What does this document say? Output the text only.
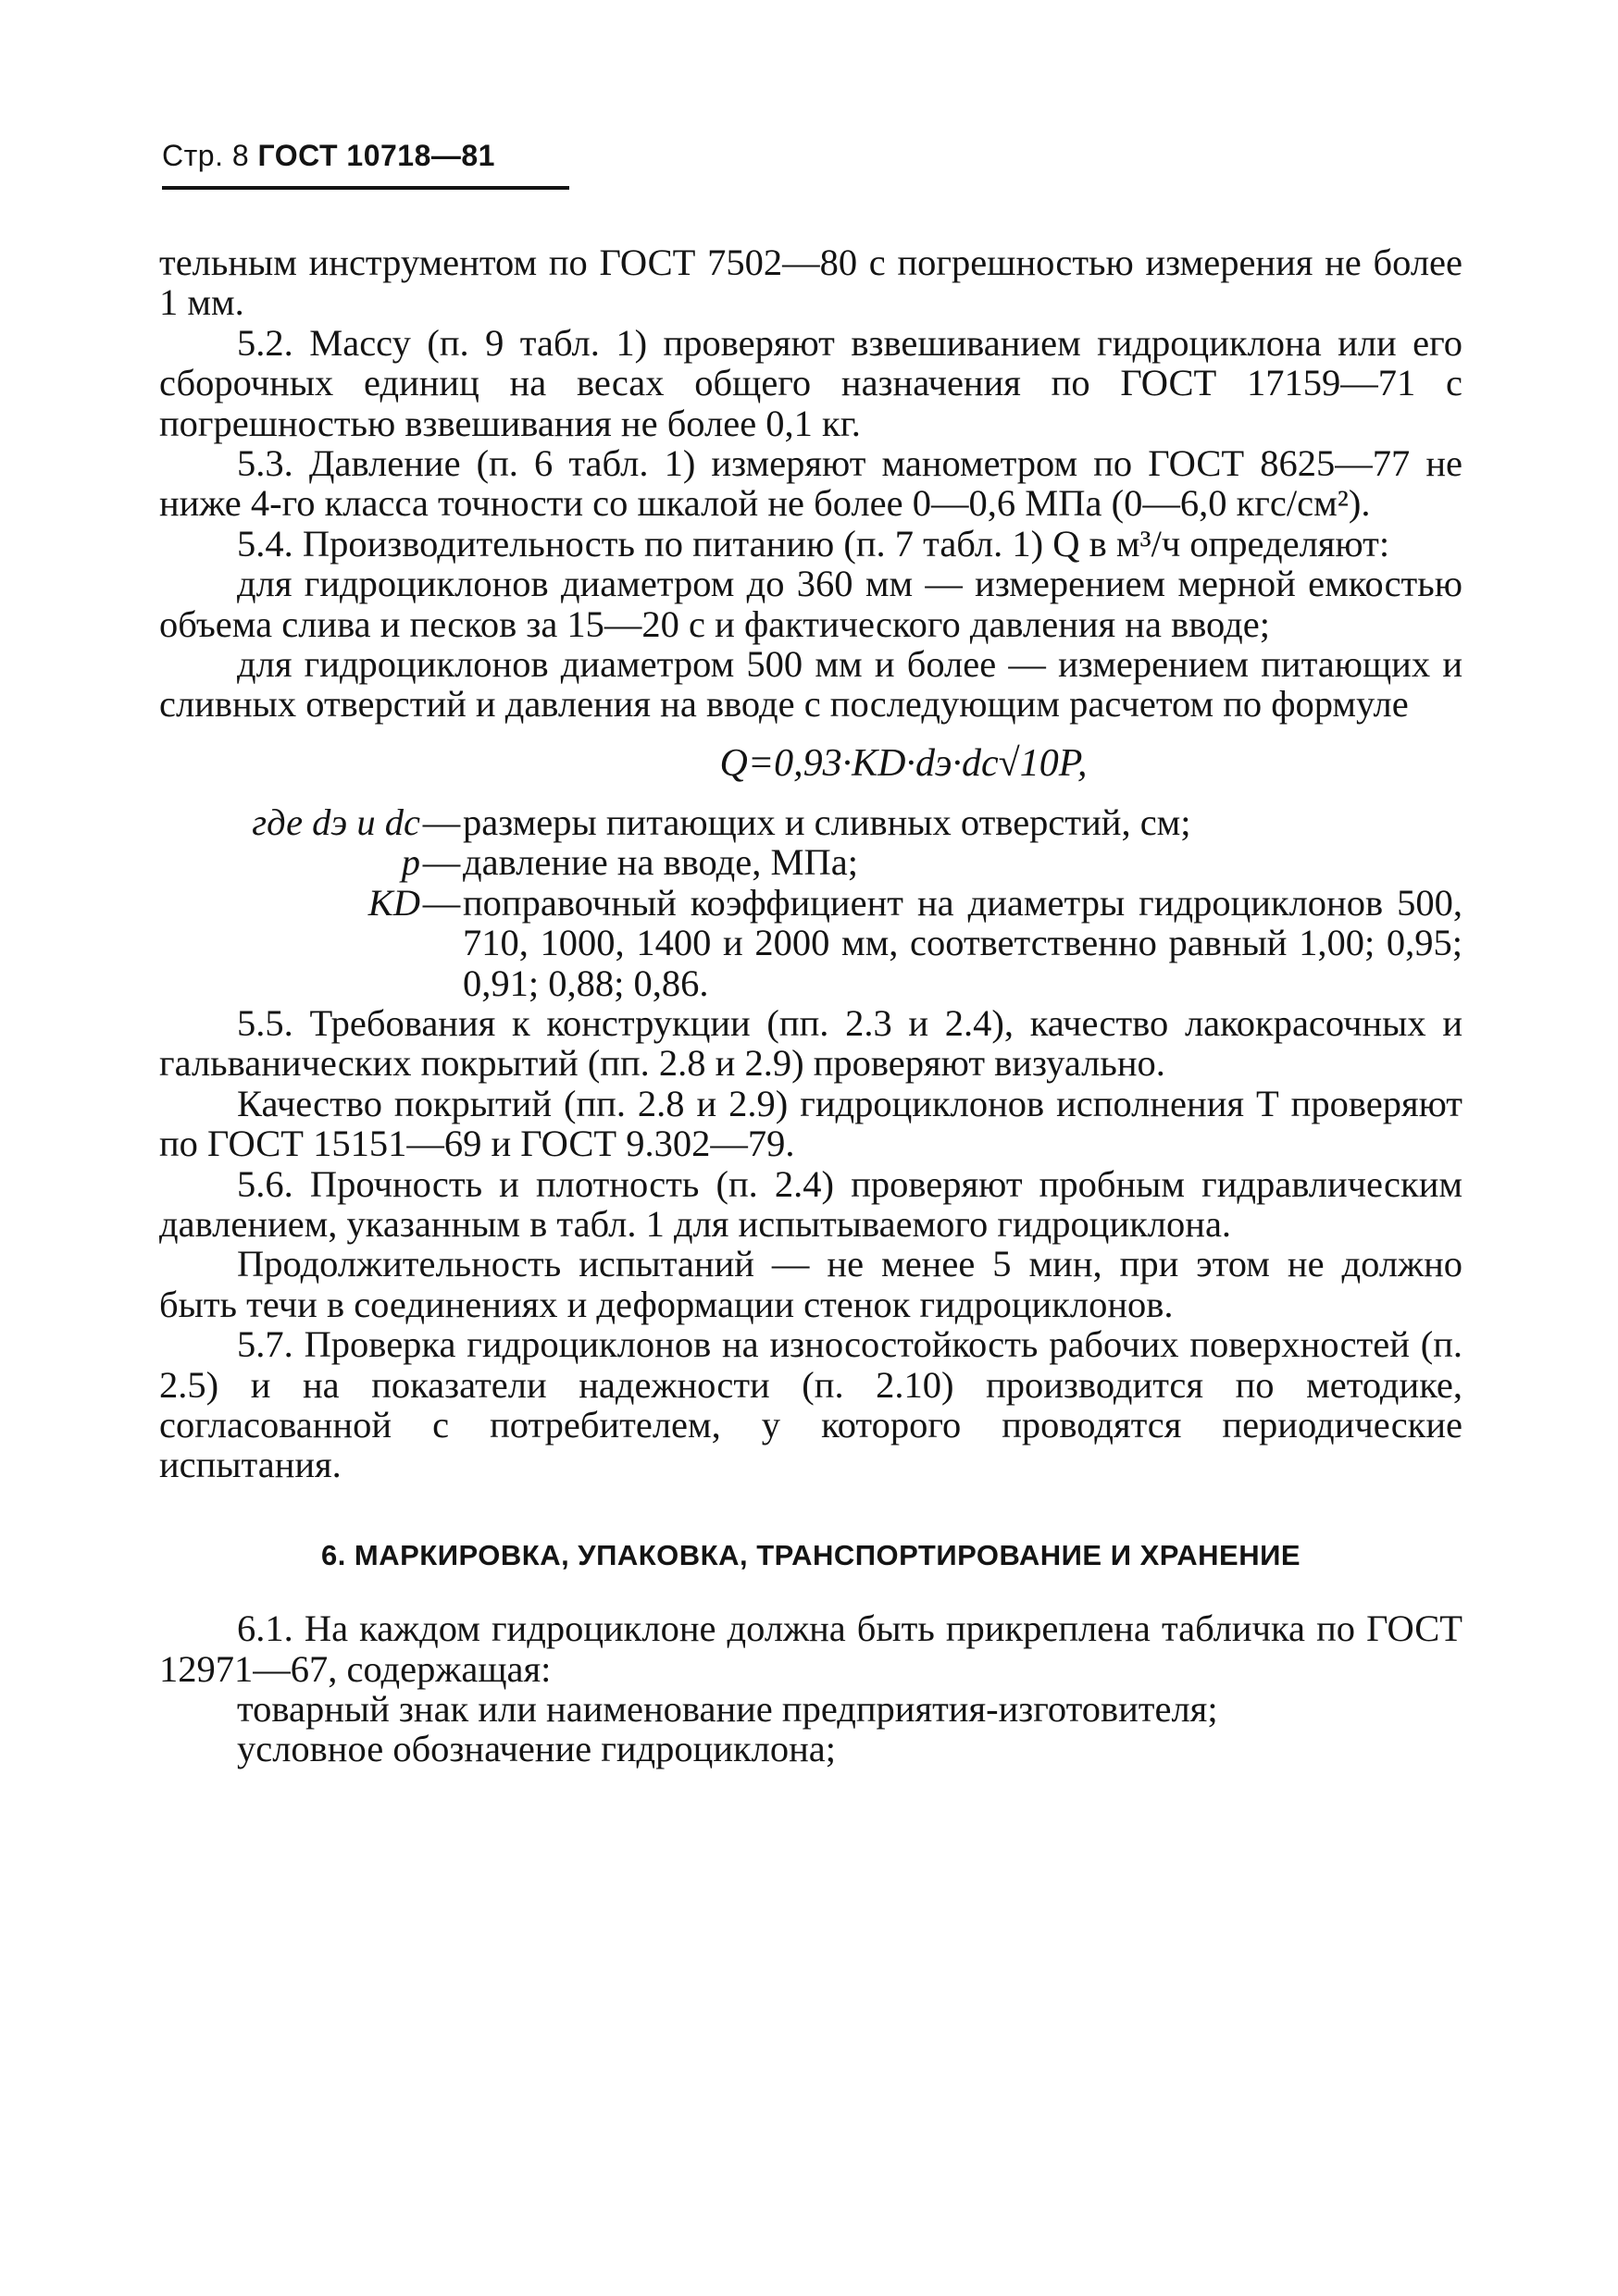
Стр. 8 ГОСТ 10718—81

тельным инструментом по ГОСТ 7502—80 с погрешностью измерения не более 1 мм.

5.2. Массу (п. 9 табл. 1) проверяют взвешиванием гидроциклона или его сборочных единиц на весах общего назначения по ГОСТ 17159—71 с погрешностью взвешивания не более 0,1 кг.

5.3. Давление (п. 6 табл. 1) измеряют манометром по ГОСТ 8625—77 не ниже 4-го класса точности со шкалой не более 0—0,6 МПа (0—6,0 кгс/см²).

5.4. Производительность по питанию (п. 7 табл. 1) Q в м³/ч определяют:

для гидроциклонов диаметром до 360 мм — измерением мерной емкостью объема слива и песков за 15—20 с и фактического давления на вводе;

для гидроциклонов диаметром 500 мм и более — измерением питающих и сливных отверстий и давления на вводе с последующим расчетом по формуле

Q=0,93·KD·dэ·dс√10P,
где dэ и dс — размеры питающих и сливных отверстий, см;
p — давление на вводе, МПа;
KD — поправочный коэффициент на диаметры гидроциклонов 500, 710, 1000, 1400 и 2000 мм, соответственно равный 1,00; 0,95; 0,91; 0,88; 0,86.

5.5. Требования к конструкции (пп. 2.3 и 2.4), качество лакокрасочных и гальванических покрытий (пп. 2.8 и 2.9) проверяют визуально.

Качество покрытий (пп. 2.8 и 2.9) гидроциклонов исполнения Т проверяют по ГОСТ 15151—69 и ГОСТ 9.302—79.

5.6. Прочность и плотность (п. 2.4) проверяют пробным гидравлическим давлением, указанным в табл. 1 для испытываемого гидроциклона.

Продолжительность испытаний — не менее 5 мин, при этом не должно быть течи в соединениях и деформации стенок гидроциклонов.

5.7. Проверка гидроциклонов на износостойкость рабочих поверхностей (п. 2.5) и на показатели надежности (п. 2.10) производится по методике, согласованной с потребителем, у которого проводятся периодические испытания.

6. МАРКИРОВКА, УПАКОВКА, ТРАНСПОРТИРОВАНИЕ И ХРАНЕНИЕ

6.1. На каждом гидроциклоне должна быть прикреплена табличка по ГОСТ 12971—67, содержащая:

товарный знак или наименование предприятия-изготовителя;

условное обозначение гидроциклона;
